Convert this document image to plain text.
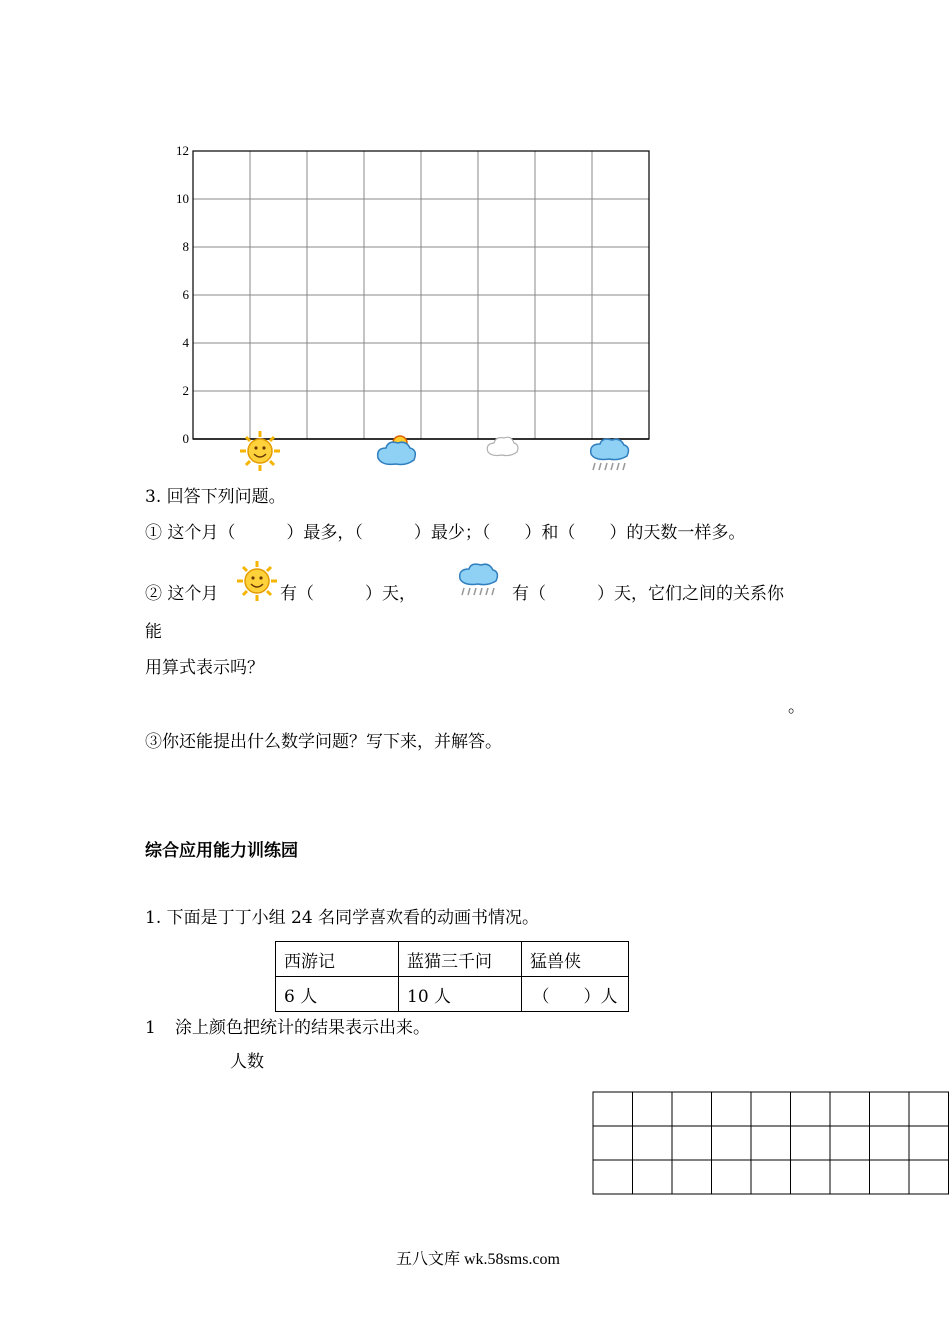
0
2
4
6
8
10
12
3. 回答下列问题。
① 这个月（　　　）最多，（　　　）最少；（　　）和（　　）的天数一样多。
② 这个月	有（　　　）天，	有（　　　）天，它们之间的关系你
能
用算式表示吗？
。
③你还能提出什么数学问题？写下来，并解答。
综合应用能力训练园
1. 下面是丁丁小组 24 名同学喜欢看的动画书情况。
西游记	蓝猫三千问	猛兽侠
6 人	10 人	（　　）人
1 涂上颜色把统计的结果表示出来。
人数
五八文库 wk.58sms.com
